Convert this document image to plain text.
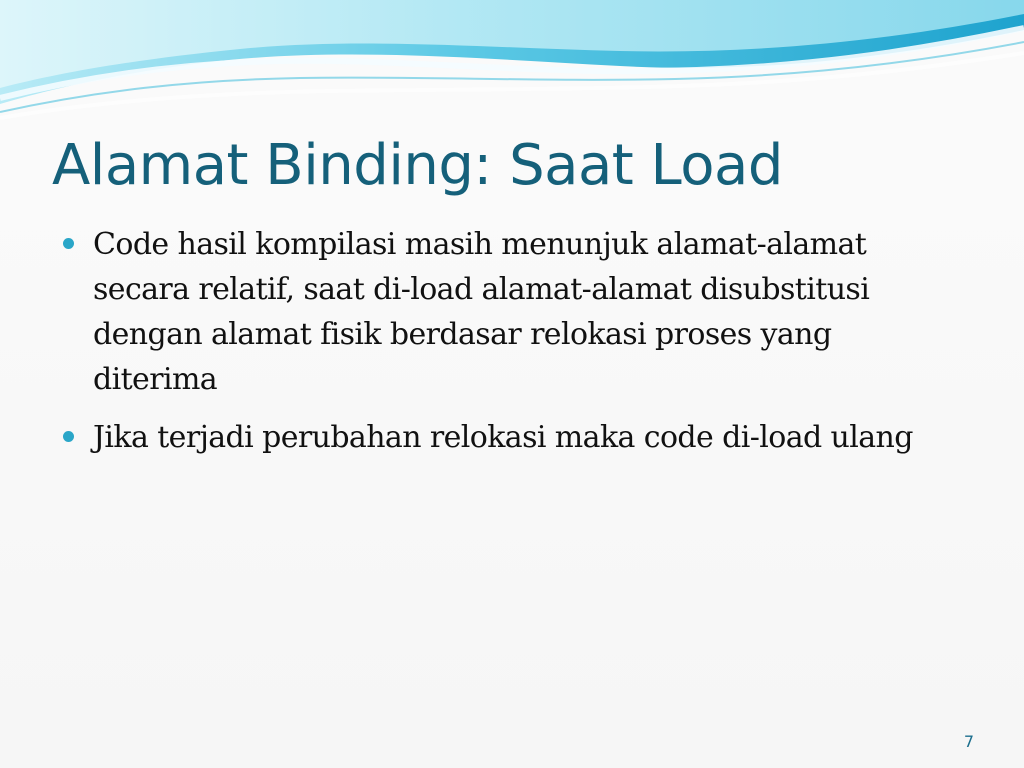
Alamat Binding: Saat Load
Code hasil kompilasi masih menunjuk alamat-alamat secara relatif, saat di-load alamat-alamat disubstitusi dengan alamat fisik berdasar relokasi proses yang diterima
Jika terjadi perubahan relokasi maka code di-load ulang
7
